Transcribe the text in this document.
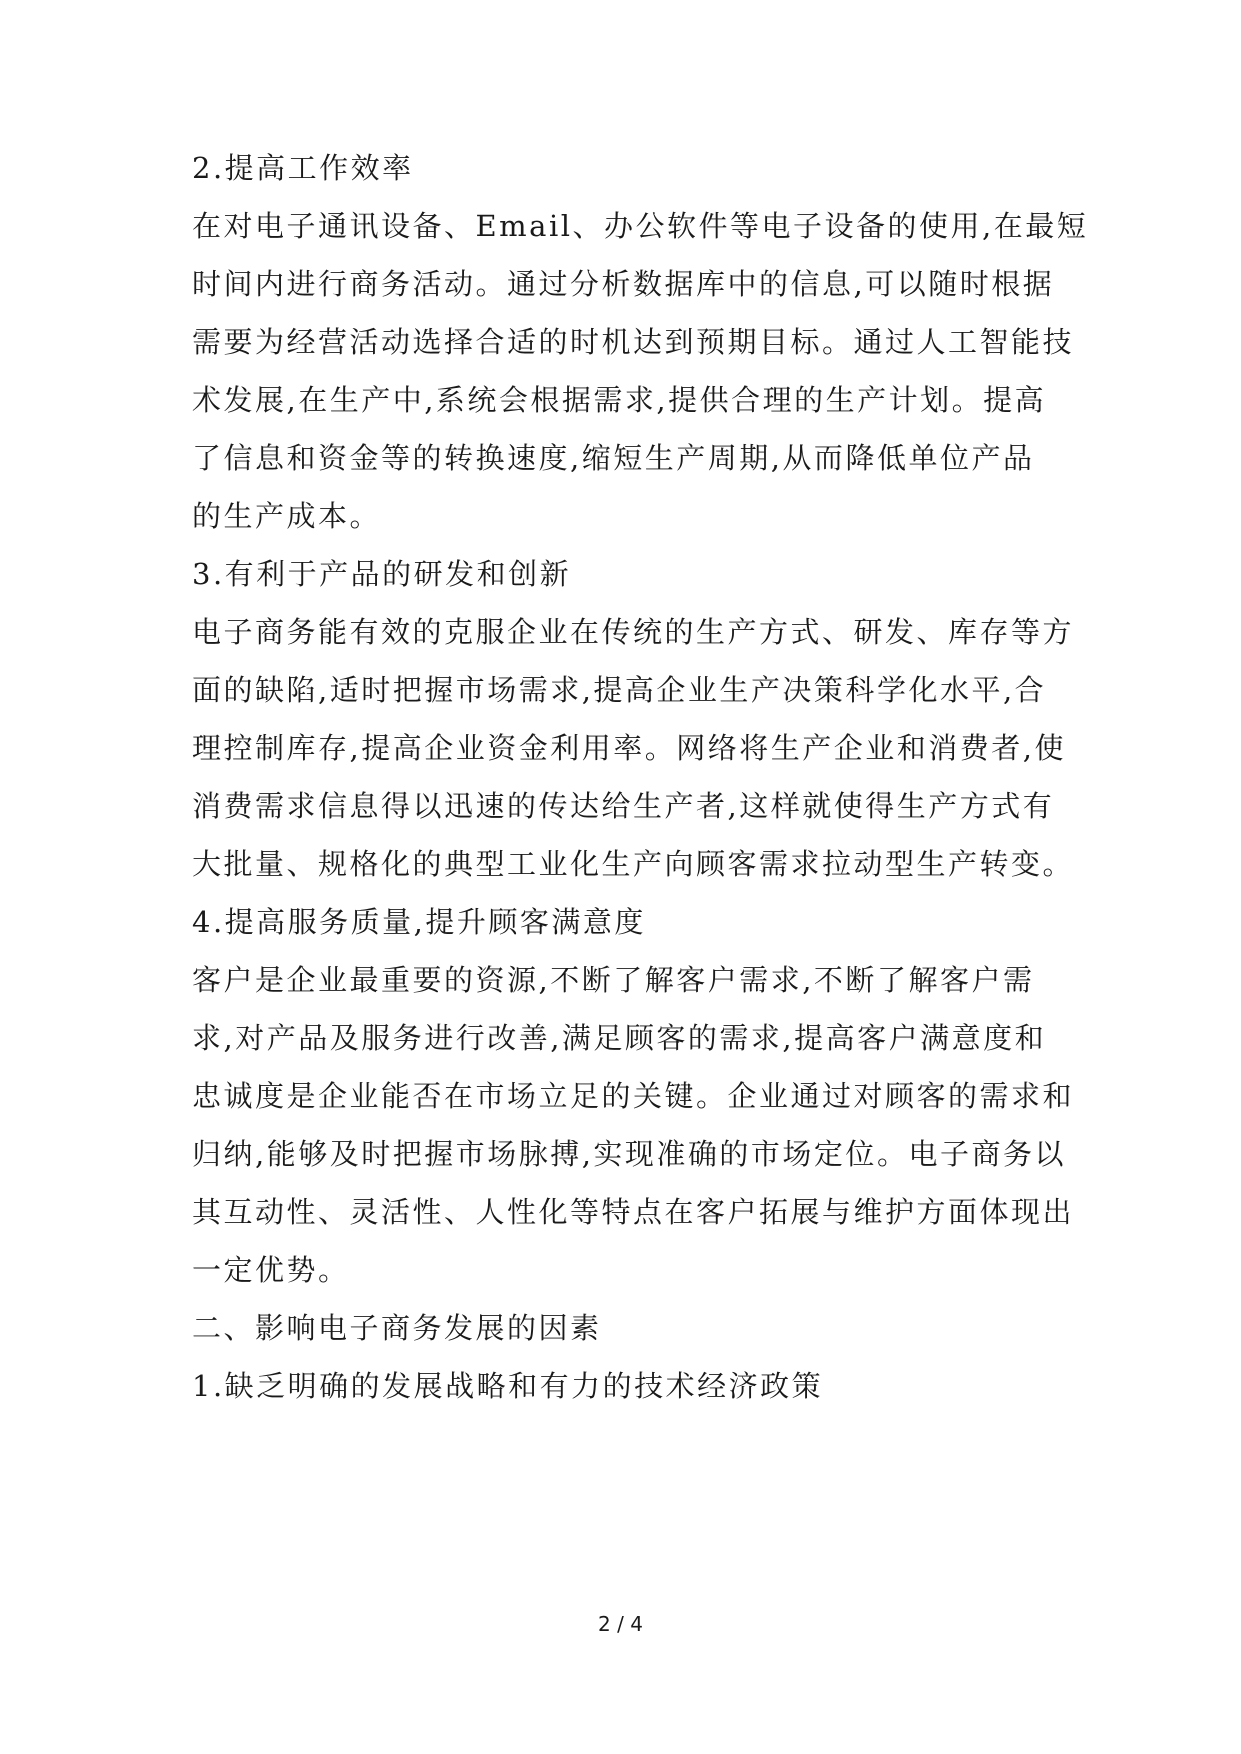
2.提高工作效率
在对电子通讯设备、Email、办公软件等电子设备的使用,在最短
时间内进行商务活动。通过分析数据库中的信息,可以随时根据
需要为经营活动选择合适的时机达到预期目标。通过人工智能技
术发展,在生产中,系统会根据需求,提供合理的生产计划。提高
了信息和资金等的转换速度,缩短生产周期,从而降低单位产品
的生产成本。
3.有利于产品的研发和创新
电子商务能有效的克服企业在传统的生产方式、研发、库存等方
面的缺陷,适时把握市场需求,提高企业生产决策科学化水平,合
理控制库存,提高企业资金利用率。网络将生产企业和消费者,使
消费需求信息得以迅速的传达给生产者,这样就使得生产方式有
大批量、规格化的典型工业化生产向顾客需求拉动型生产转变。
4.提高服务质量,提升顾客满意度
客户是企业最重要的资源,不断了解客户需求,不断了解客户需
求,对产品及服务进行改善,满足顾客的需求,提高客户满意度和
忠诚度是企业能否在市场立足的关键。企业通过对顾客的需求和
归纳,能够及时把握市场脉搏,实现准确的市场定位。电子商务以
其互动性、灵活性、人性化等特点在客户拓展与维护方面体现出
一定优势。
二、影响电子商务发展的因素
1.缺乏明确的发展战略和有力的技术经济政策
2 / 4
